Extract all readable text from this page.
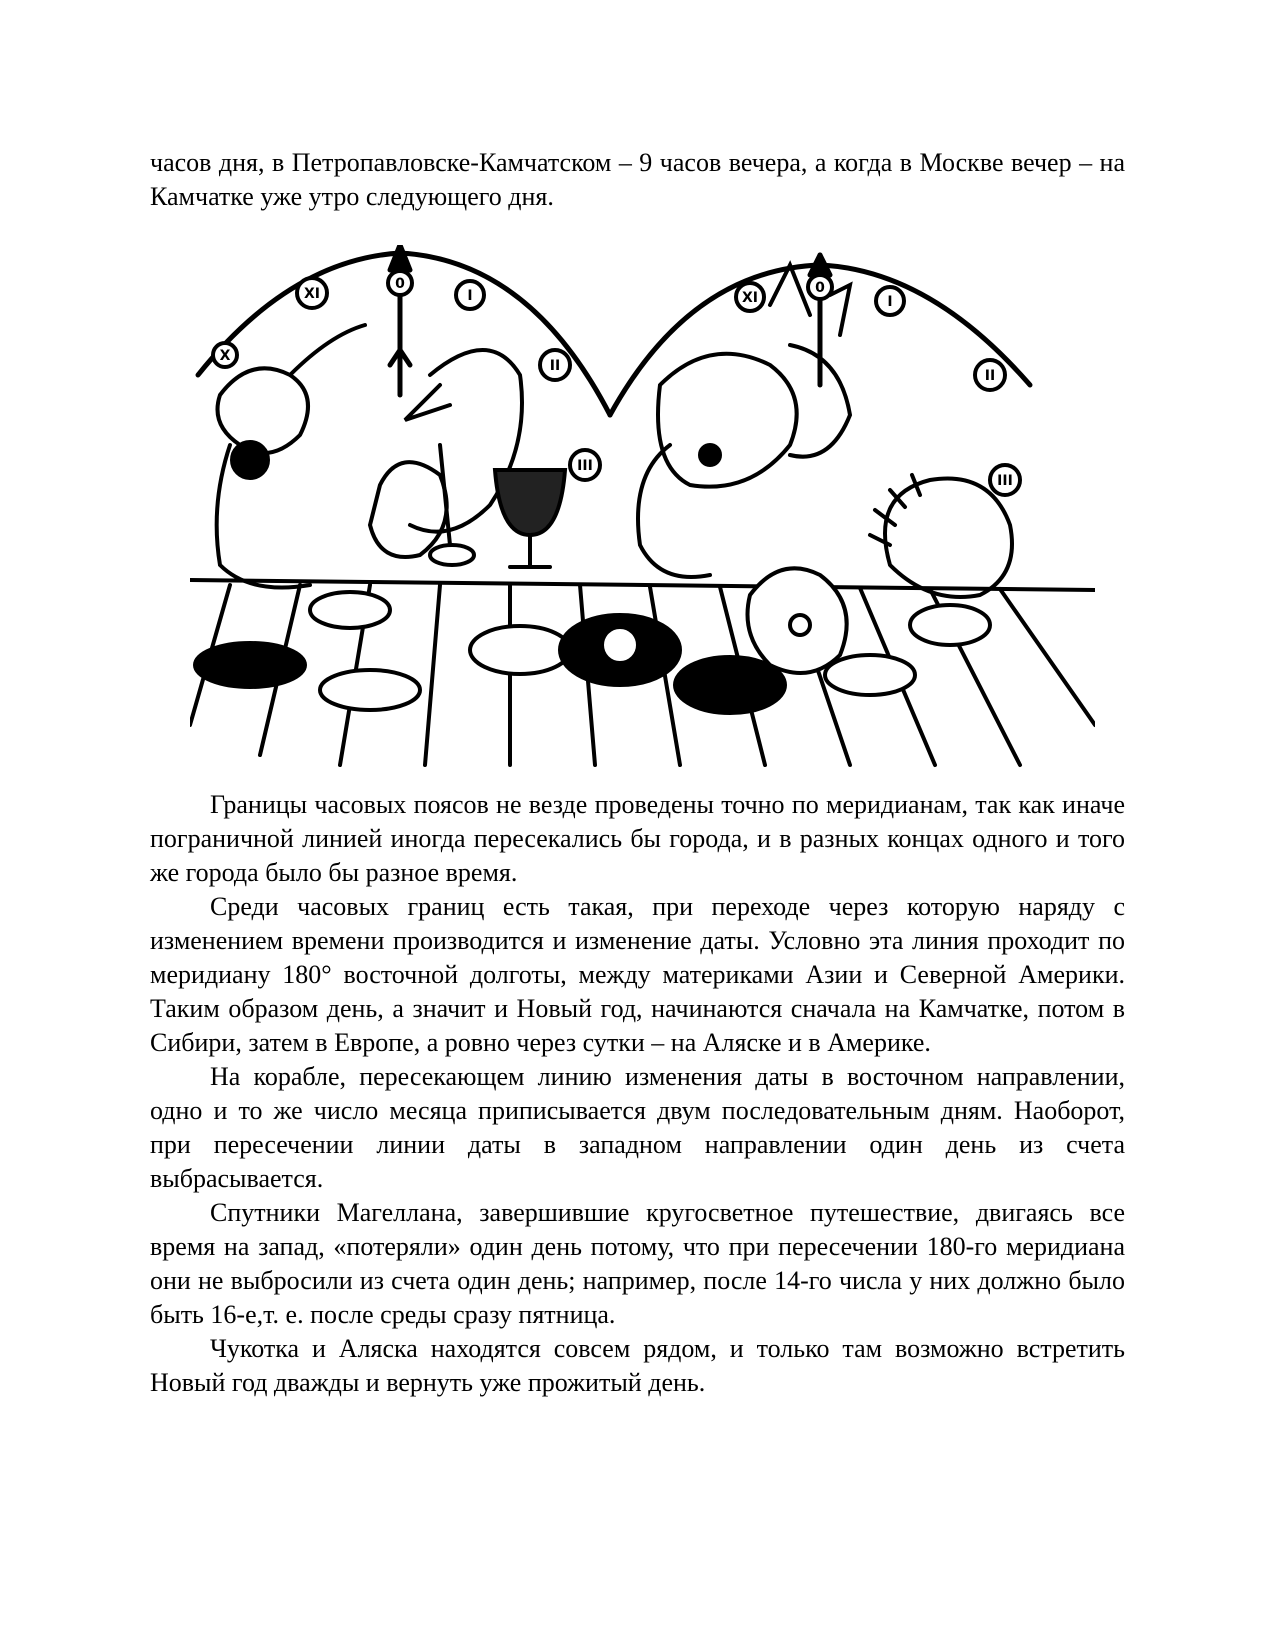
часов дня, в Петропавловске-Камчатском – 9 часов вечера, а когда в Москве вечер – на Камчатке уже утро следующего дня.

X
XI
0
I
II
III
XI
0
I
II
III

Границы часовых поясов не везде проведены точно по меридианам, так как иначе пограничной линией иногда пересекались бы города, и в разных концах одного и того же города было бы разное время.

Среди часовых границ есть такая, при переходе через которую наряду с изменением времени производится и изменение даты. Условно эта линия проходит по меридиану 180° восточной долготы, между материками Азии и Северной Америки. Таким образом день, а значит и Новый год, начинаются сначала на Камчатке, потом в Сибири, затем в Европе, а ровно через сутки – на Аляске и в Америке.

На корабле, пересекающем линию изменения даты в восточном направлении, одно и то же число месяца приписывается двум последовательным дням. Наоборот, при пересечении линии даты в западном направлении один день из счета выбрасывается.

Спутники Магеллана, завершившие кругосветное путешествие, двигаясь все время на запад, «потеряли» один день потому, что при пересечении 180-го меридиана они не выбросили из счета один день; например, после 14-го числа у них должно было быть 16-е,т. е. после среды сразу пятница.

Чукотка и Аляска находятся совсем рядом, и только там возможно встретить Новый год дважды и вернуть уже прожитый день.
